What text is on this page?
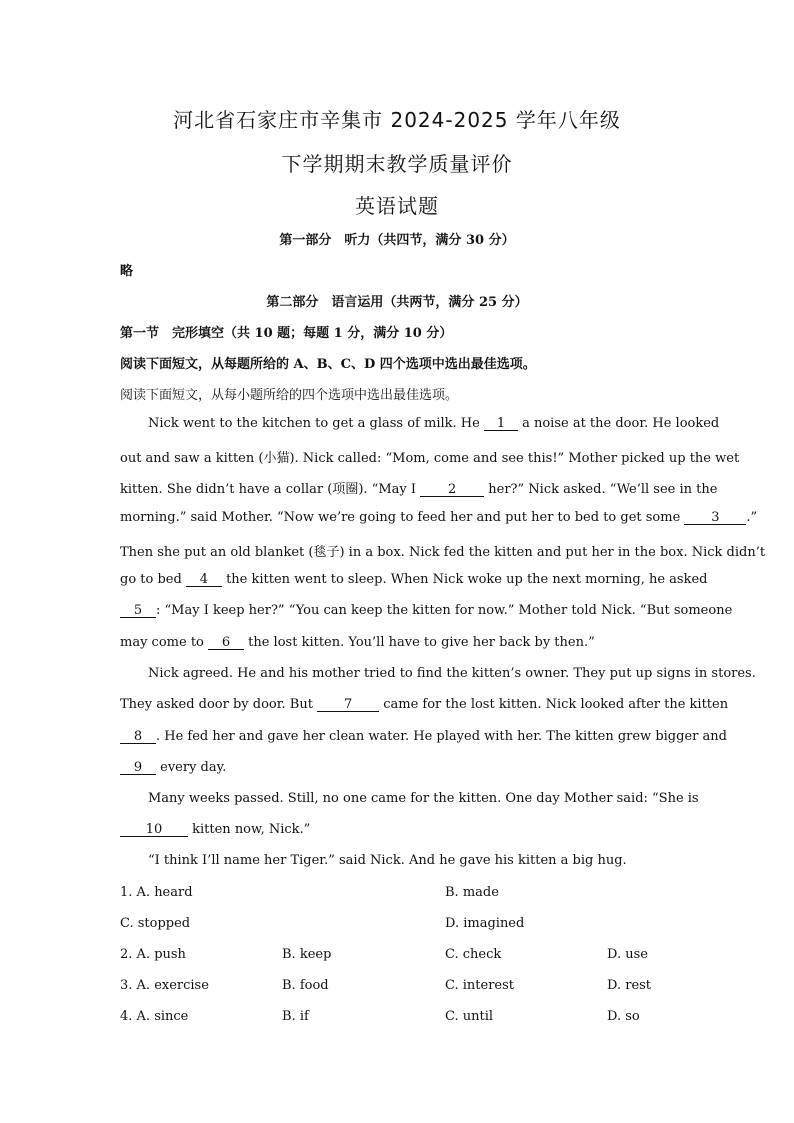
河北省石家庄市辛集市 2024-2025 学年八年级
下学期期末教学质量评价
英语试题
第一部分　听力（共四节，满分 30 分）
略
第二部分　语言运用（共两节，满分 25 分）
第一节　完形填空（共 10 题；每题 1 分，满分 10 分）
阅读下面短文，从每题所给的 A、B、C、D 四个选项中选出最佳选项。
阅读下面短文，从每小题所给的四个选项中选出最佳选项。
Nick went to the kitchen to get a glass of milk. He 1 a noise at the door. He looked
out and saw a kitten (小猫). Nick called: “Mom, come and see this!” Mother picked up the wet
kitten. She didn’t have a collar (项圈). “May I 2 her?” Nick asked. “We’ll see in the
morning.” said Mother. “Now we’re going to feed her and put her to bed to get some 3 .”
Then she put an old blanket (毯子) in a box. Nick fed the kitten and put her in the box. Nick didn’t
go to bed 4 the kitten went to sleep. When Nick woke up the next morning, he asked
5 : “May I keep her?” “You can keep the kitten for now.” Mother told Nick. “But someone
may come to 6 the lost kitten. You’ll have to give her back by then.”
Nick agreed. He and his mother tried to find the kitten’s owner. They put up signs in stores.
They asked door by door. But 7 came for the lost kitten. Nick looked after the kitten
8 . He fed her and gave her clean water. He played with her. The kitten grew bigger and
9 every day.
Many weeks passed. Still, no one came for the kitten. One day Mother said: “She is
10 kitten now, Nick.”
“I think I’ll name her Tiger.” said Nick. And he gave his kitten a big hug.
1. A. heard	B. made
C. stopped	D. imagined
2. A. push	B. keep	C. check	D. use
3. A. exercise	B. food	C. interest	D. rest
4. A. since	B. if	C. until	D. so
